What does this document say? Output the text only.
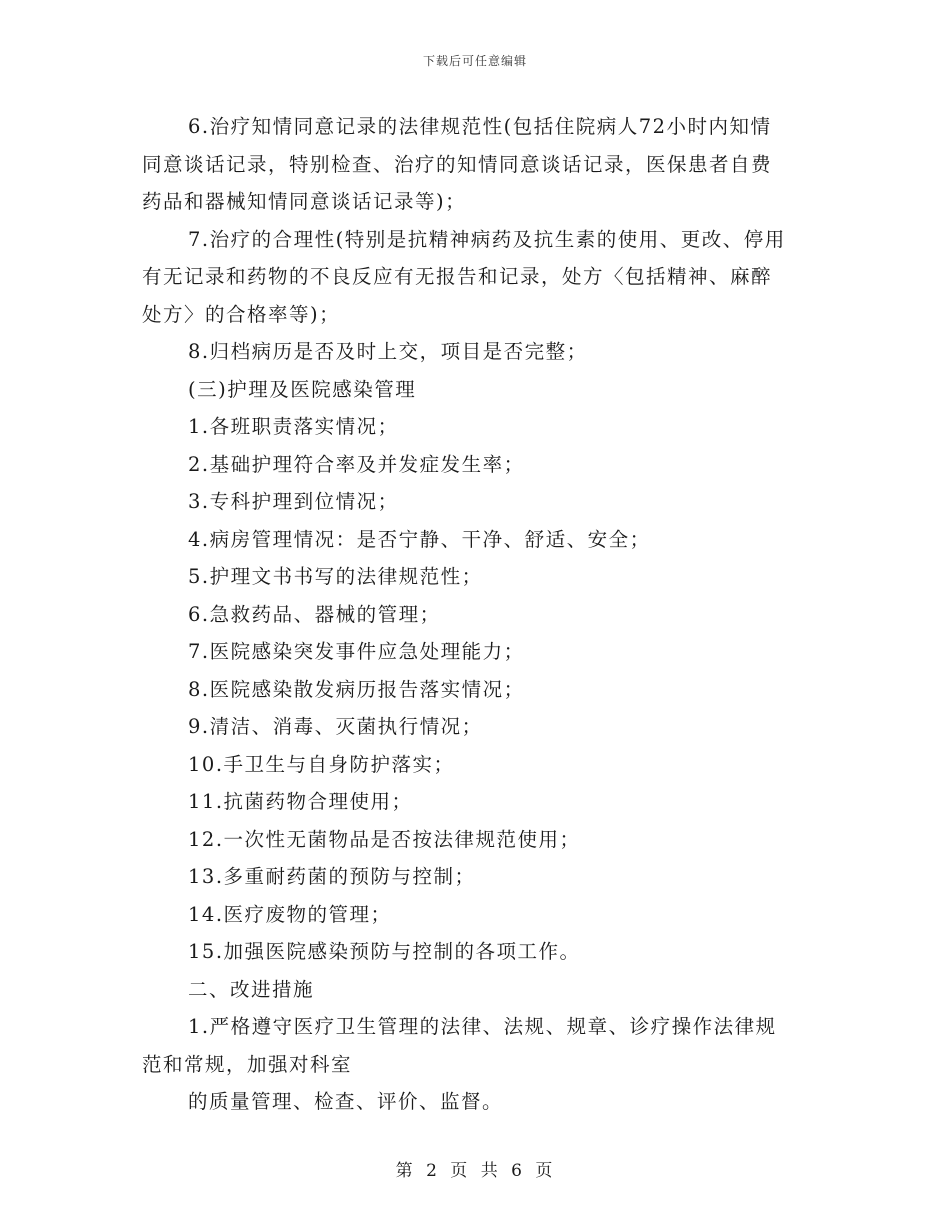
下载后可任意编辑
6.治疗知情同意记录的法律规范性(包括住院病人72小时内知情
同意谈话记录，特别检查、治疗的知情同意谈话记录，医保患者自费
药品和器械知情同意谈话记录等)；
7.治疗的合理性(特别是抗精神病药及抗生素的使用、更改、停用
有无记录和药物的不良反应有无报告和记录，处方〈包括精神、麻醉
处方〉的合格率等)；
8.归档病历是否及时上交，项目是否完整；
(三)护理及医院感染管理
1.各班职责落实情况；
2.基础护理符合率及并发症发生率；
3.专科护理到位情况；
4.病房管理情况：是否宁静、干净、舒适、安全；
5.护理文书书写的法律规范性；
6.急救药品、器械的管理；
7.医院感染突发事件应急处理能力；
8.医院感染散发病历报告落实情况；
9.清洁、消毒、灭菌执行情况；
10.手卫生与自身防护落实；
11.抗菌药物合理使用；
12.一次性无菌物品是否按法律规范使用；
13.多重耐药菌的预防与控制；
14.医疗废物的管理；
15.加强医院感染预防与控制的各项工作。
二、改进措施
1.严格遵守医疗卫生管理的法律、法规、规章、诊疗操作法律规
范和常规，加强对科室
的质量管理、检查、评价、监督。
第 2 页 共 6 页
